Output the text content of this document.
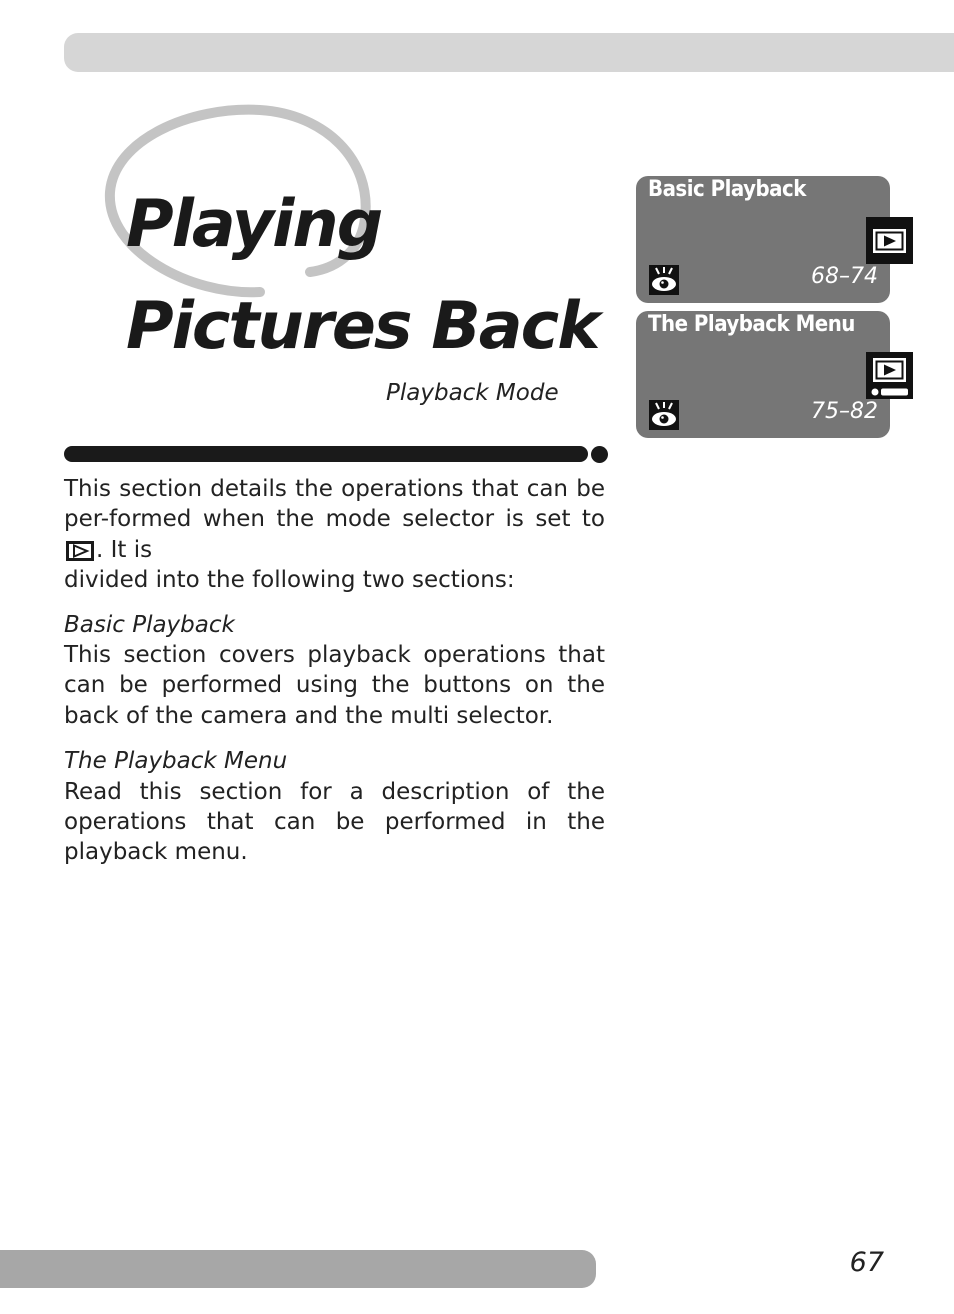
Playing
Pictures Back
Playback Mode

This section details the operations that can be per-formed when the mode selector is set to . It is
divided into the following two sections:

Basic Playback

This section covers playback operations that can be performed using the buttons on the back of the camera and the multi selector.

The Playback Menu

Read this section for a description of the operations that can be performed in the playback menu.

Basic Playback
68–74
The Playback Menu
75–82
67
